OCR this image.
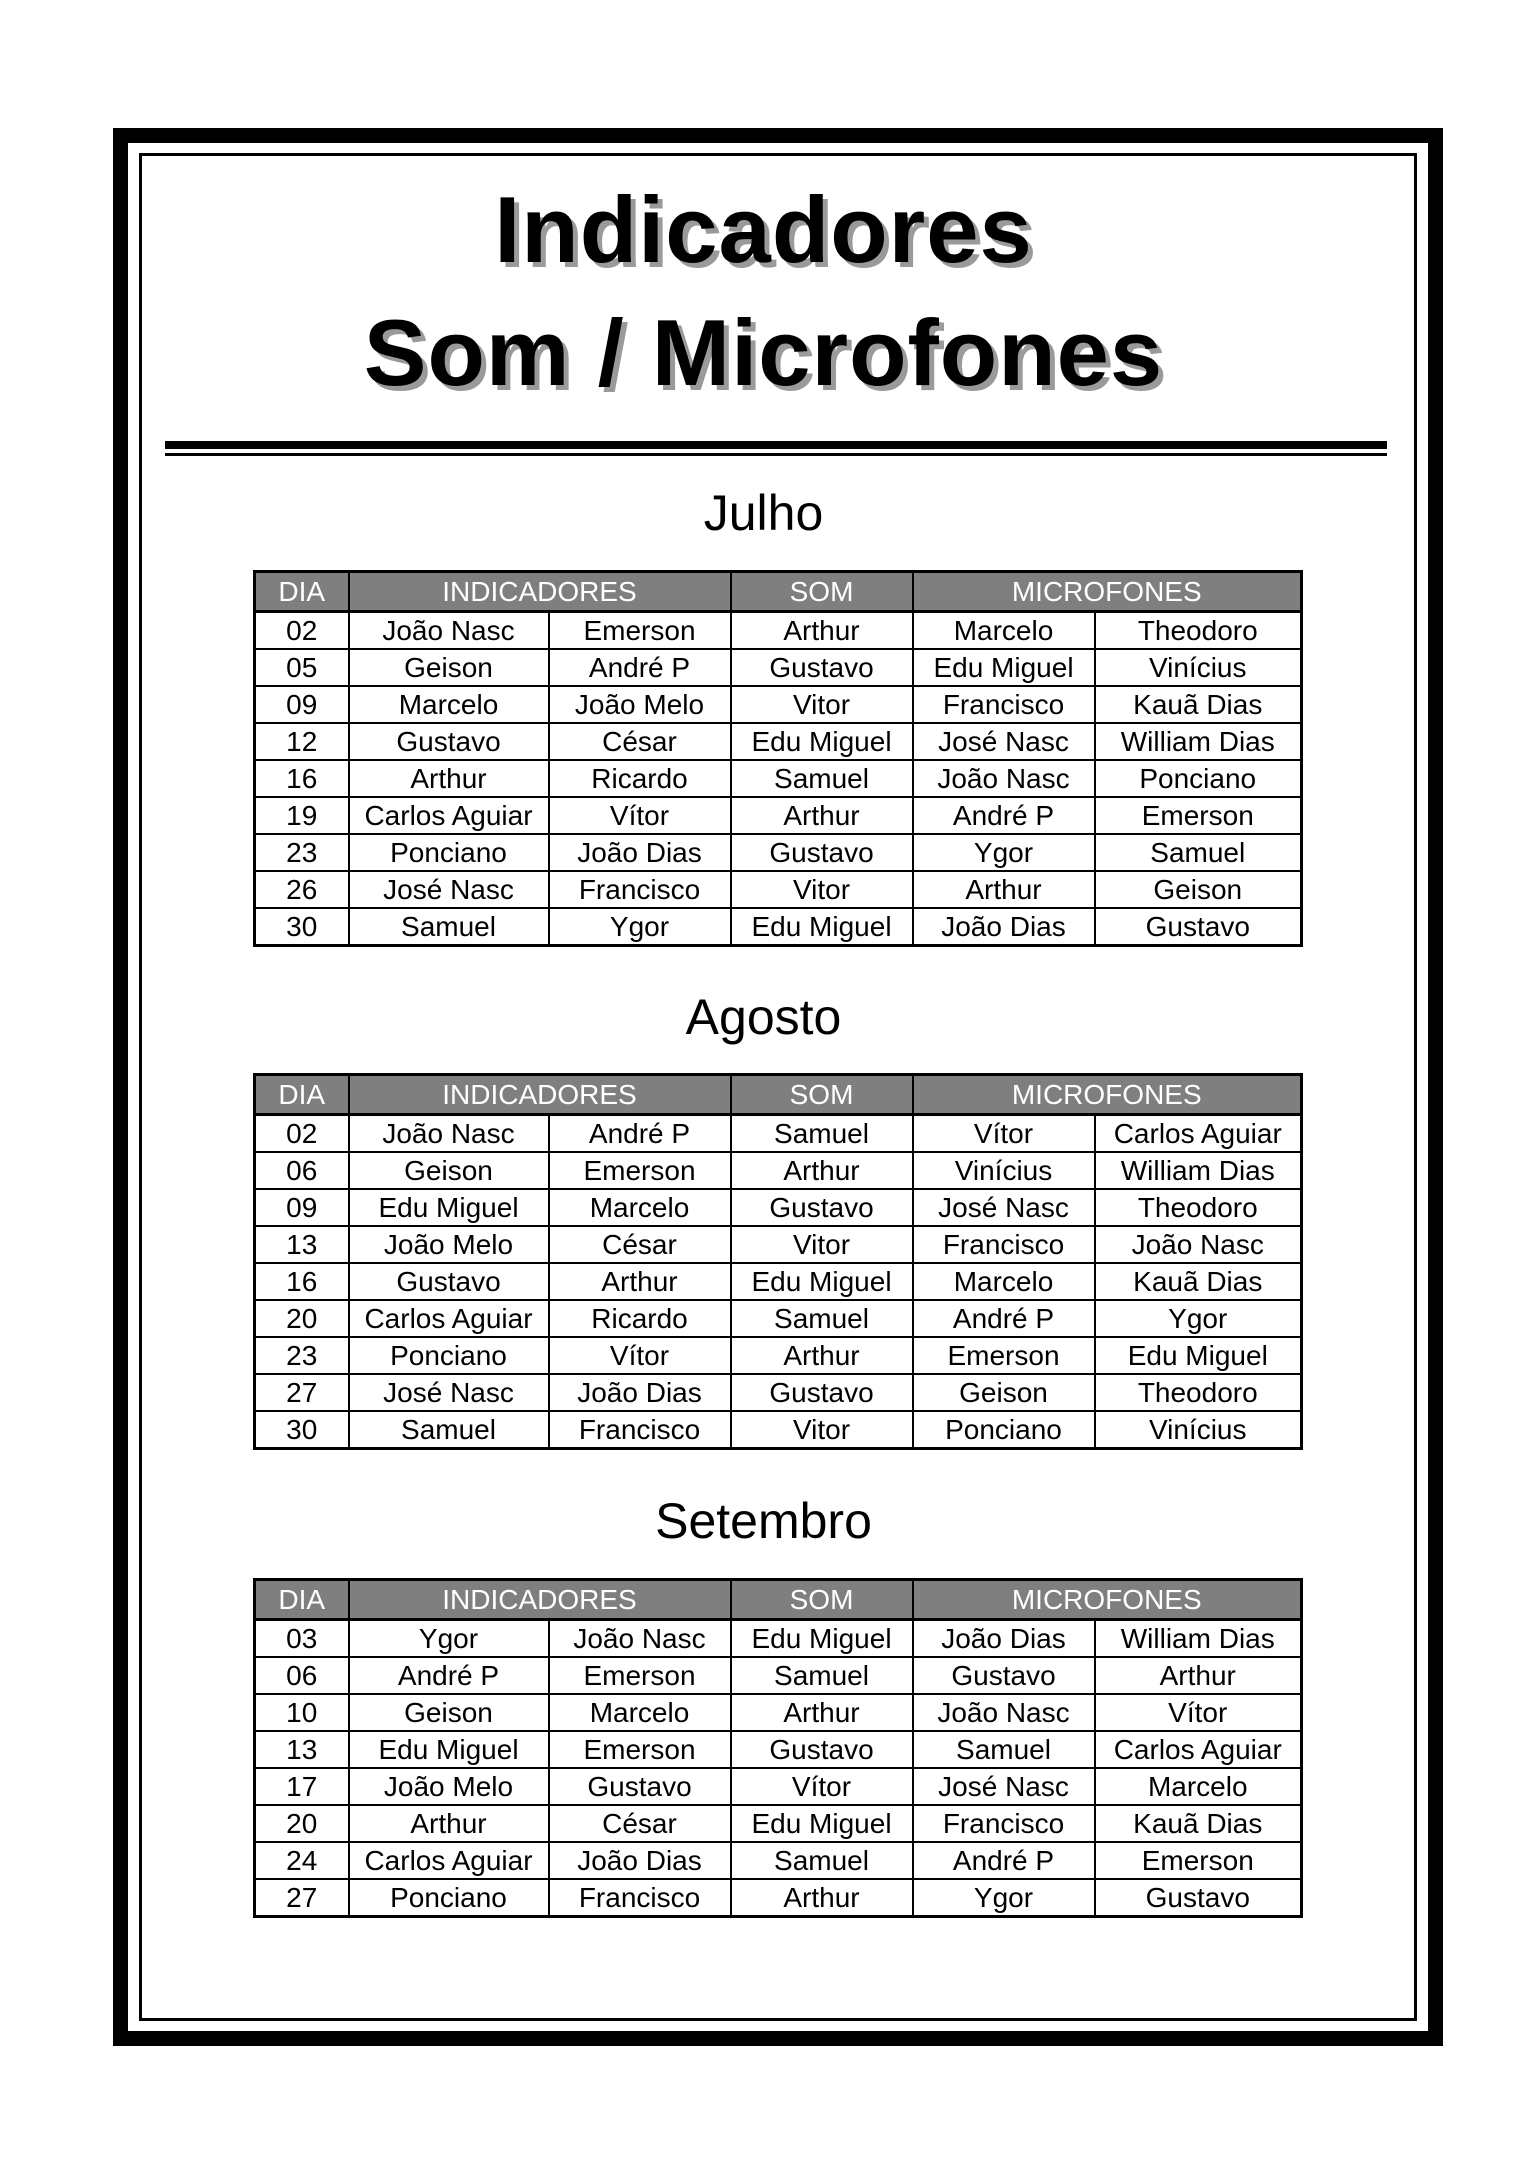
Indicadores
Som / Microfones
Julho
DIA	INDICADORES		SOM	MICROFONES	
02	João Nasc	Emerson	Arthur	Marcelo	Theodoro
05	Geison	André P	Gustavo	Edu Miguel	Vinícius
09	Marcelo	João Melo	Vitor	Francisco	Kauã Dias
12	Gustavo	César	Edu Miguel	José Nasc	William Dias
16	Arthur	Ricardo	Samuel	João Nasc	Ponciano
19	Carlos Aguiar	Vítor	Arthur	André P	Emerson
23	Ponciano	João Dias	Gustavo	Ygor	Samuel
26	José Nasc	Francisco	Vitor	Arthur	Geison
30	Samuel	Ygor	Edu Miguel	João Dias	Gustavo
Agosto
DIA	INDICADORES		SOM	MICROFONES	
02	João Nasc	André P	Samuel	Vítor	Carlos Aguiar
06	Geison	Emerson	Arthur	Vinícius	William Dias
09	Edu Miguel	Marcelo	Gustavo	José Nasc	Theodoro
13	João Melo	César	Vitor	Francisco	João Nasc
16	Gustavo	Arthur	Edu Miguel	Marcelo	Kauã Dias
20	Carlos Aguiar	Ricardo	Samuel	André P	Ygor
23	Ponciano	Vítor	Arthur	Emerson	Edu Miguel
27	José Nasc	João Dias	Gustavo	Geison	Theodoro
30	Samuel	Francisco	Vitor	Ponciano	Vinícius
Setembro
DIA	INDICADORES		SOM	MICROFONES	
03	Ygor	João Nasc	Edu Miguel	João Dias	William Dias
06	André P	Emerson	Samuel	Gustavo	Arthur
10	Geison	Marcelo	Arthur	João Nasc	Vítor
13	Edu Miguel	Emerson	Gustavo	Samuel	Carlos Aguiar
17	João Melo	Gustavo	Vítor	José Nasc	Marcelo
20	Arthur	César	Edu Miguel	Francisco	Kauã Dias
24	Carlos Aguiar	João Dias	Samuel	André P	Emerson
27	Ponciano	Francisco	Arthur	Ygor	Gustavo
